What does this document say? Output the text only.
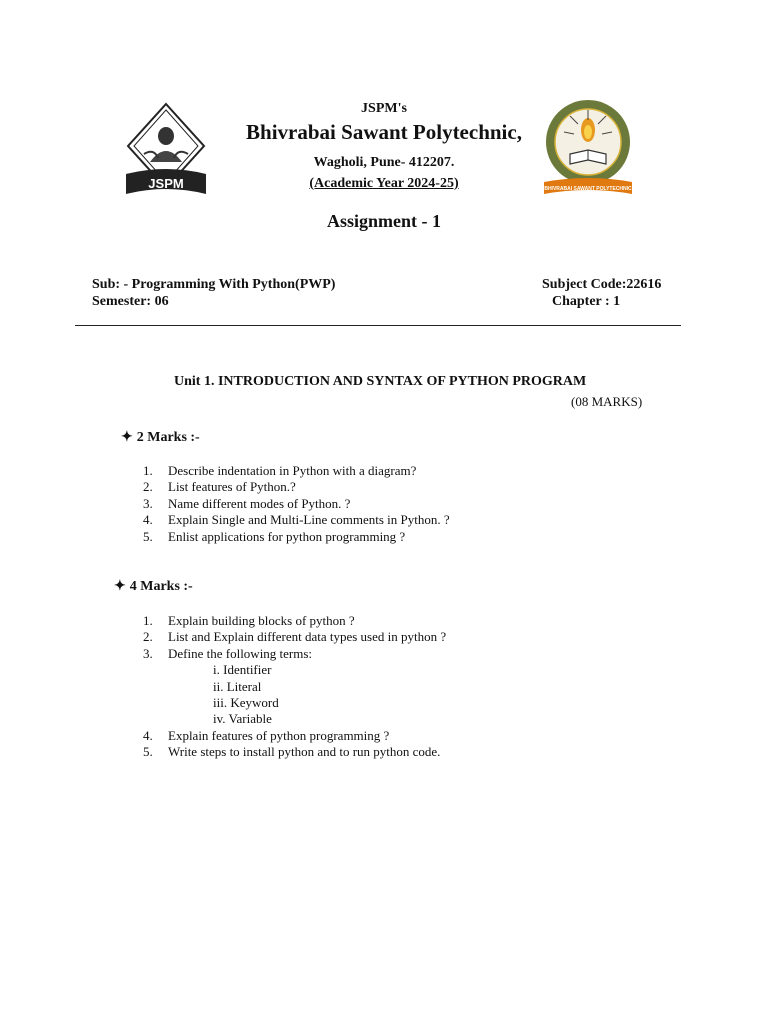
JSPM	BHIVRABAI SAWANT POLYTECHNIC
JSPM's
Bhivrabai Sawant Polytechnic,
Wagholi, Pune- 412207.
(Academic Year 2024-25)
Assignment - 1
Sub: - Programming With Python(PWP)
Semester: 06
Subject Code:22616
Chapter : 1
Unit 1. INTRODUCTION AND SYNTAX OF PYTHON PROGRAM
(08 MARKS)
✦ 2 Marks :-
1. Describe indentation in Python with a diagram?
2. List features of Python.?
3. Name different modes of Python. ?
4. Explain Single and Multi-Line comments in Python. ?
5. Enlist applications for python programming ?
✦ 4 Marks :-
1. Explain building blocks of python ?
2. List and Explain different data types used in python ?
3. Define the following terms:
i. Identifier
ii. Literal
iii. Keyword
iv. Variable
4. Explain features of python programming ?
5. Write steps to install python and to run python code.
